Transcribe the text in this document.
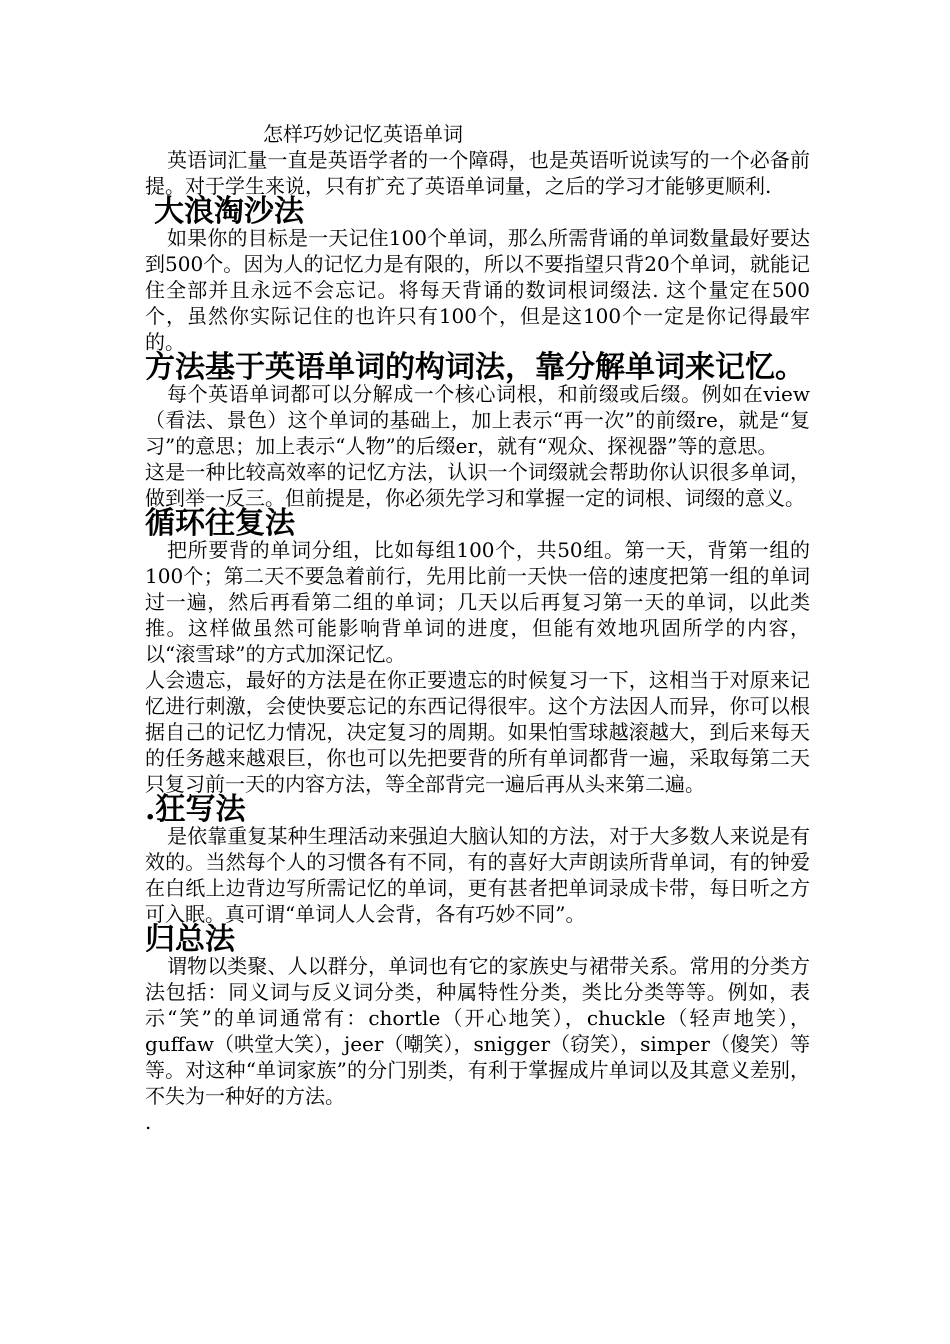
怎样巧妙记忆英语单词

英语词汇量一直是英语学者的一个障碍，也是英语听说读写的一个必备前提。对于学生来说，只有扩充了英语单词量，之后的学习才能够更顺利.

大浪淘沙法

如果你的目标是一天记住100个单词，那么所需背诵的单词数量最好要达到500个。因为人的记忆力是有限的，所以不要指望只背20个单词，就能记住全部并且永远不会忘记。将每天背诵的数词根词缀法. 这个量定在500个，虽然你实际记住的也许只有100个，但是这100个一定是你记得最牢的。

方法基于英语单词的构词法，靠分解单词来记忆。

每个英语单词都可以分解成一个核心词根，和前缀或后缀。例如在view（看法、景色）这个单词的基础上，加上表示“再一次”的前缀re，就是“复习”的意思；加上表示“人物”的后缀er，就有“观众、探视器”等的意思。

这是一种比较高效率的记忆方法，认识一个词缀就会帮助你认识很多单词，做到举一反三。但前提是，你必须先学习和掌握一定的词根、词缀的意义。

循环往复法

把所要背的单词分组，比如每组100个，共50组。第一天，背第一组的100个；第二天不要急着前行，先用比前一天快一倍的速度把第一组的单词过一遍，然后再看第二组的单词；几天以后再复习第一天的单词，以此类推。这样做虽然可能影响背单词的进度，但能有效地巩固所学的内容，以“滚雪球”的方式加深记忆。

人会遗忘，最好的方法是在你正要遗忘的时候复习一下，这相当于对原来记忆进行刺激，会使快要忘记的东西记得很牢。这个方法因人而异，你可以根据自己的记忆力情况，决定复习的周期。如果怕雪球越滚越大，到后来每天的任务越来越艰巨，你也可以先把要背的所有单词都背一遍，采取每第二天只复习前一天的内容方法，等全部背完一遍后再从头来第二遍。

.狂写法

是依靠重复某种生理活动来强迫大脑认知的方法，对于大多数人来说是有效的。当然每个人的习惯各有不同，有的喜好大声朗读所背单词，有的钟爱在白纸上边背边写所需记忆的单词，更有甚者把单词录成卡带，每日听之方可入眠。真可谓“单词人人会背，各有巧妙不同”。

归总法

谓物以类聚、人以群分，单词也有它的家族史与裙带关系。常用的分类方法包括：同义词与反义词分类，种属特性分类，类比分类等等。例如，表示“笑”的单词通常有：chortle（开心地笑），chuckle（轻声地笑），guffaw（哄堂大笑），jeer（嘲笑），snigger（窃笑），simper（傻笑）等等。对这种“单词家族”的分门别类，有利于掌握成片单词以及其意义差别，不失为一种好的方法。

.
